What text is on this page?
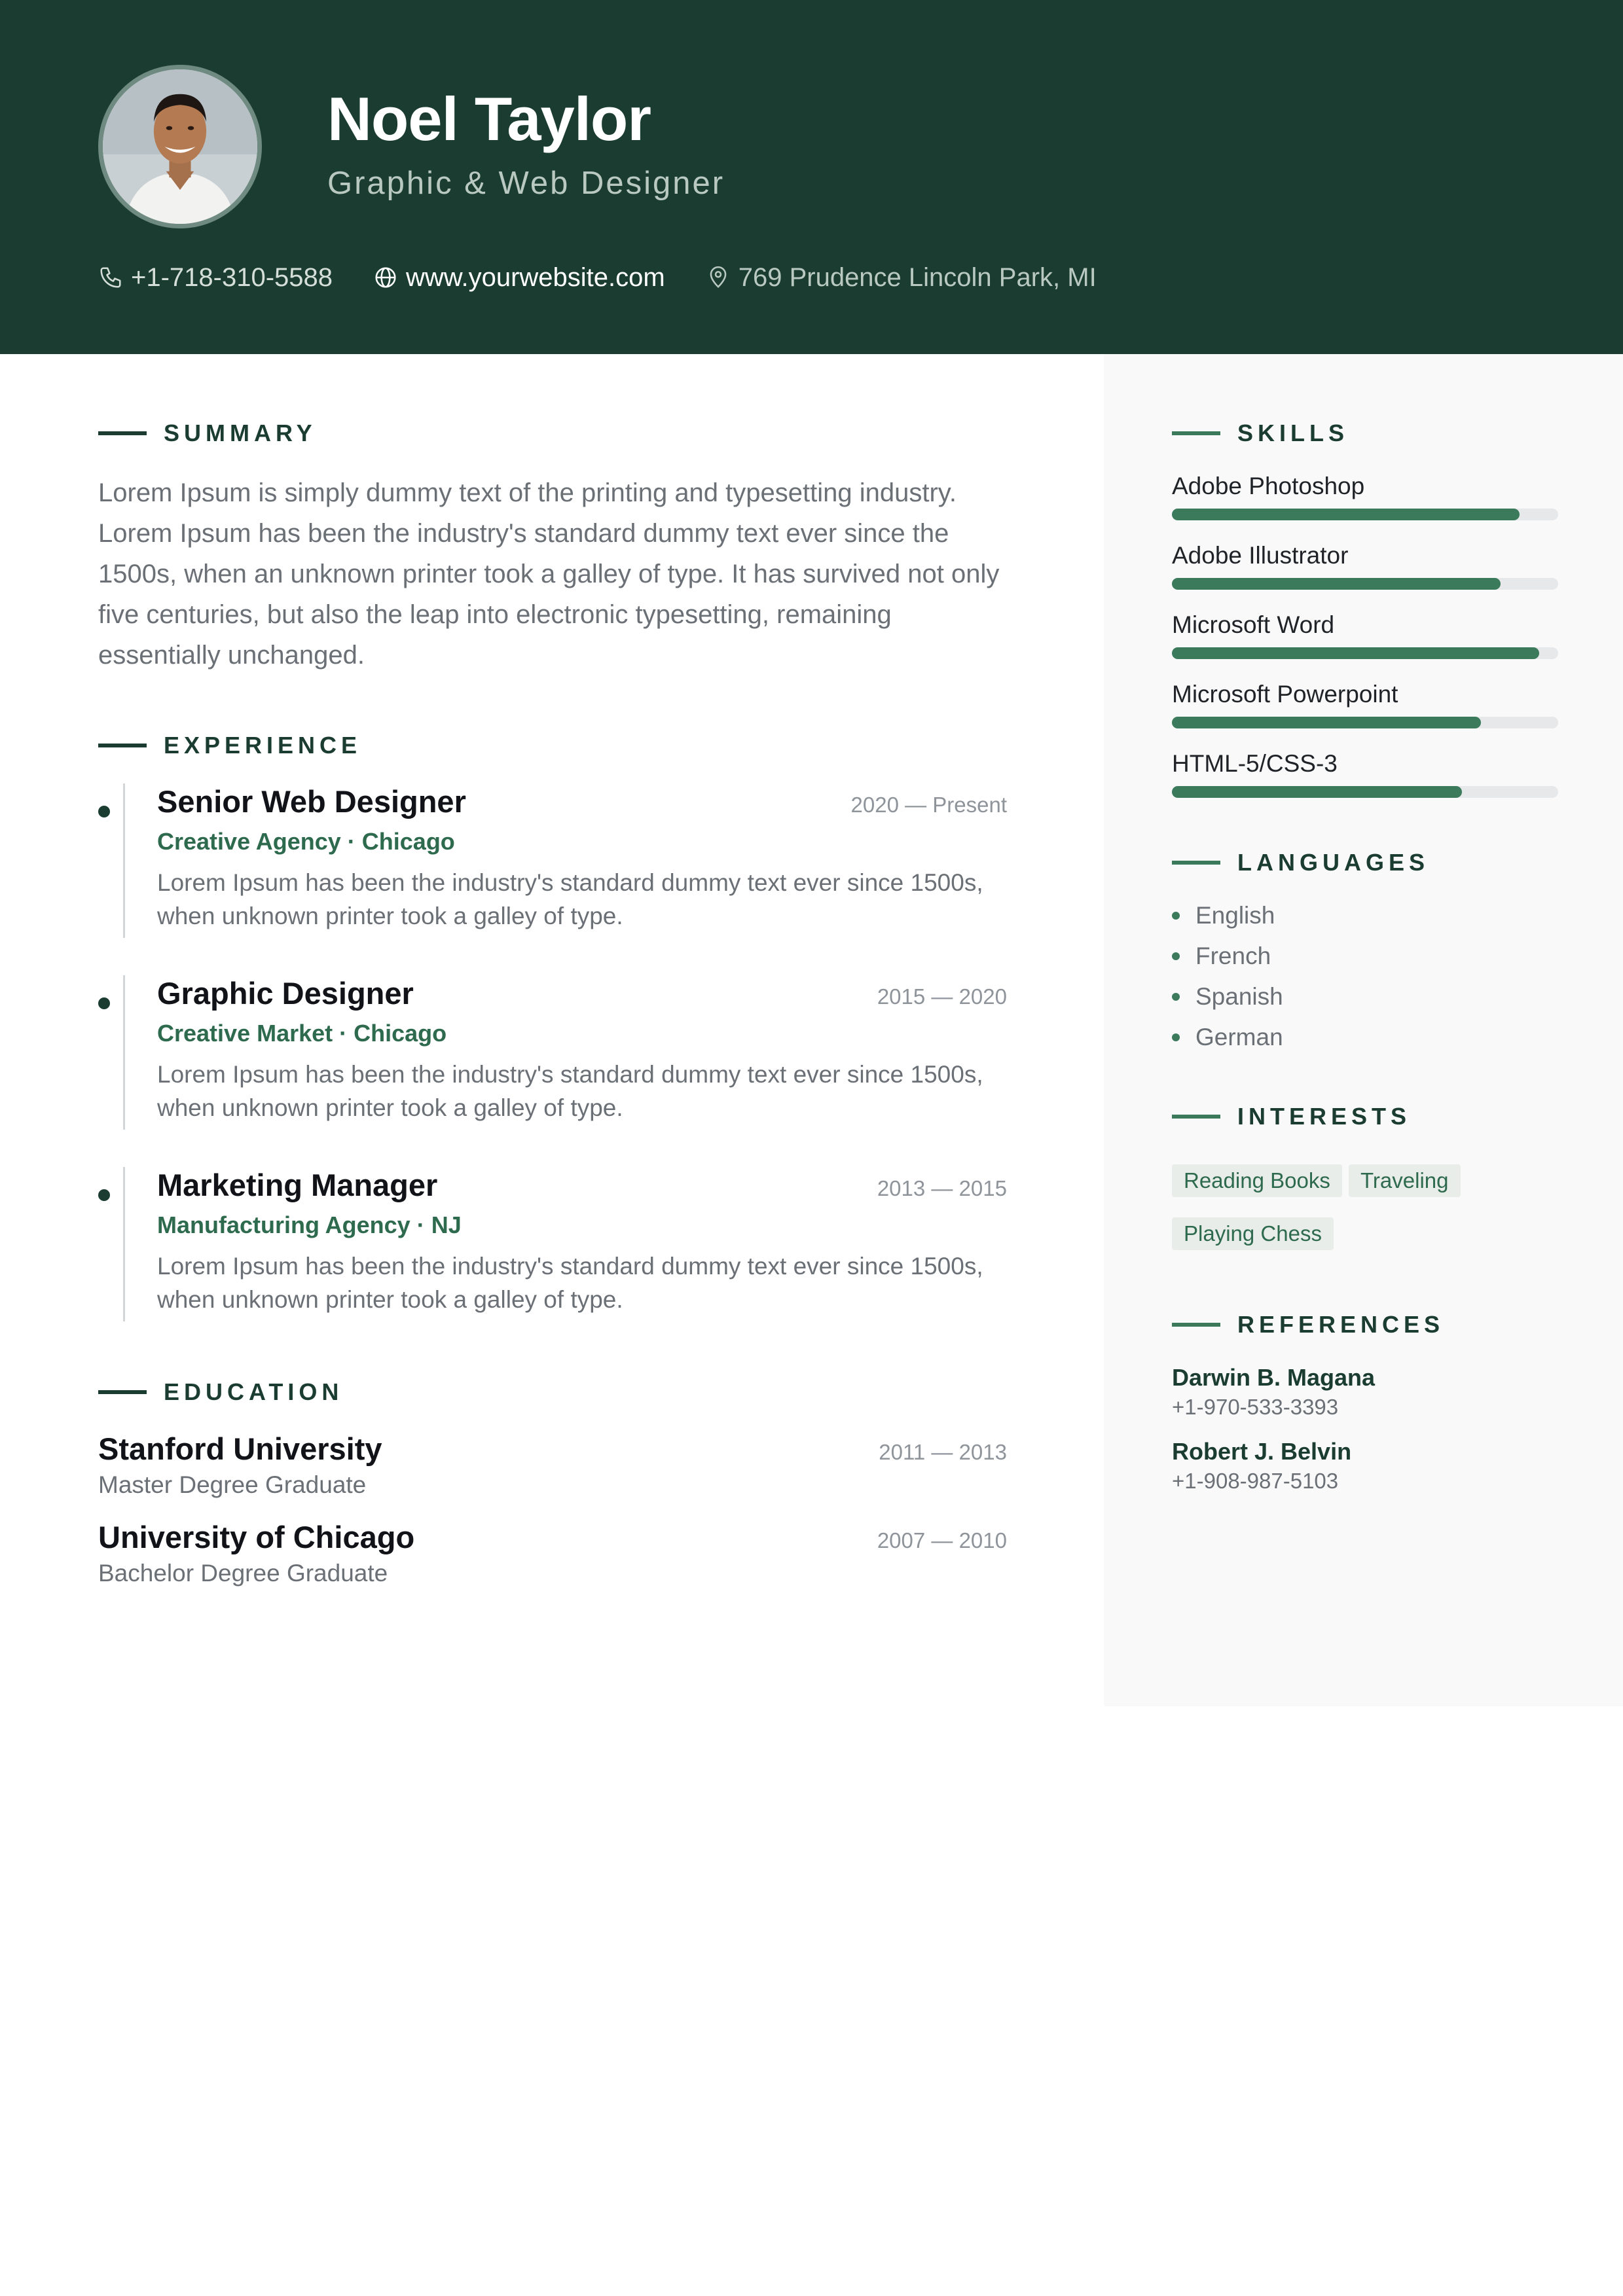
Noel Taylor
Graphic & Web Designer
+1-718-310-5588	www.yourwebsite.com	769 Prudence Lincoln Park, MI
SUMMARY
Lorem Ipsum is simply dummy text of the printing and typesetting industry. Lorem Ipsum has been the industry's standard dummy text ever since the 1500s, when an unknown printer took a galley of type. It has survived not only five centuries, but also the leap into electronic typesetting, remaining essentially unchanged.
EXPERIENCE
Senior Web Designer	2020 — Present
Creative Agency · Chicago
Lorem Ipsum has been the industry's standard dummy text ever since 1500s, when unknown printer took a galley of type.
Graphic Designer	2015 — 2020
Creative Market · Chicago
Lorem Ipsum has been the industry's standard dummy text ever since 1500s, when unknown printer took a galley of type.
Marketing Manager	2013 — 2015
Manufacturing Agency · NJ
Lorem Ipsum has been the industry's standard dummy text ever since 1500s, when unknown printer took a galley of type.
EDUCATION
Stanford University	2011 — 2013
Master Degree Graduate
University of Chicago	2007 — 2010
Bachelor Degree Graduate
SKILLS
Adobe Photoshop
Adobe Illustrator
Microsoft Word
Microsoft Powerpoint
HTML-5/CSS-3
LANGUAGES
English
French
Spanish
German
INTERESTS
Reading Books	Traveling
Playing Chess
REFERENCES
Darwin B. Magana
+1-970-533-3393
Robert J. Belvin
+1-908-987-5103
